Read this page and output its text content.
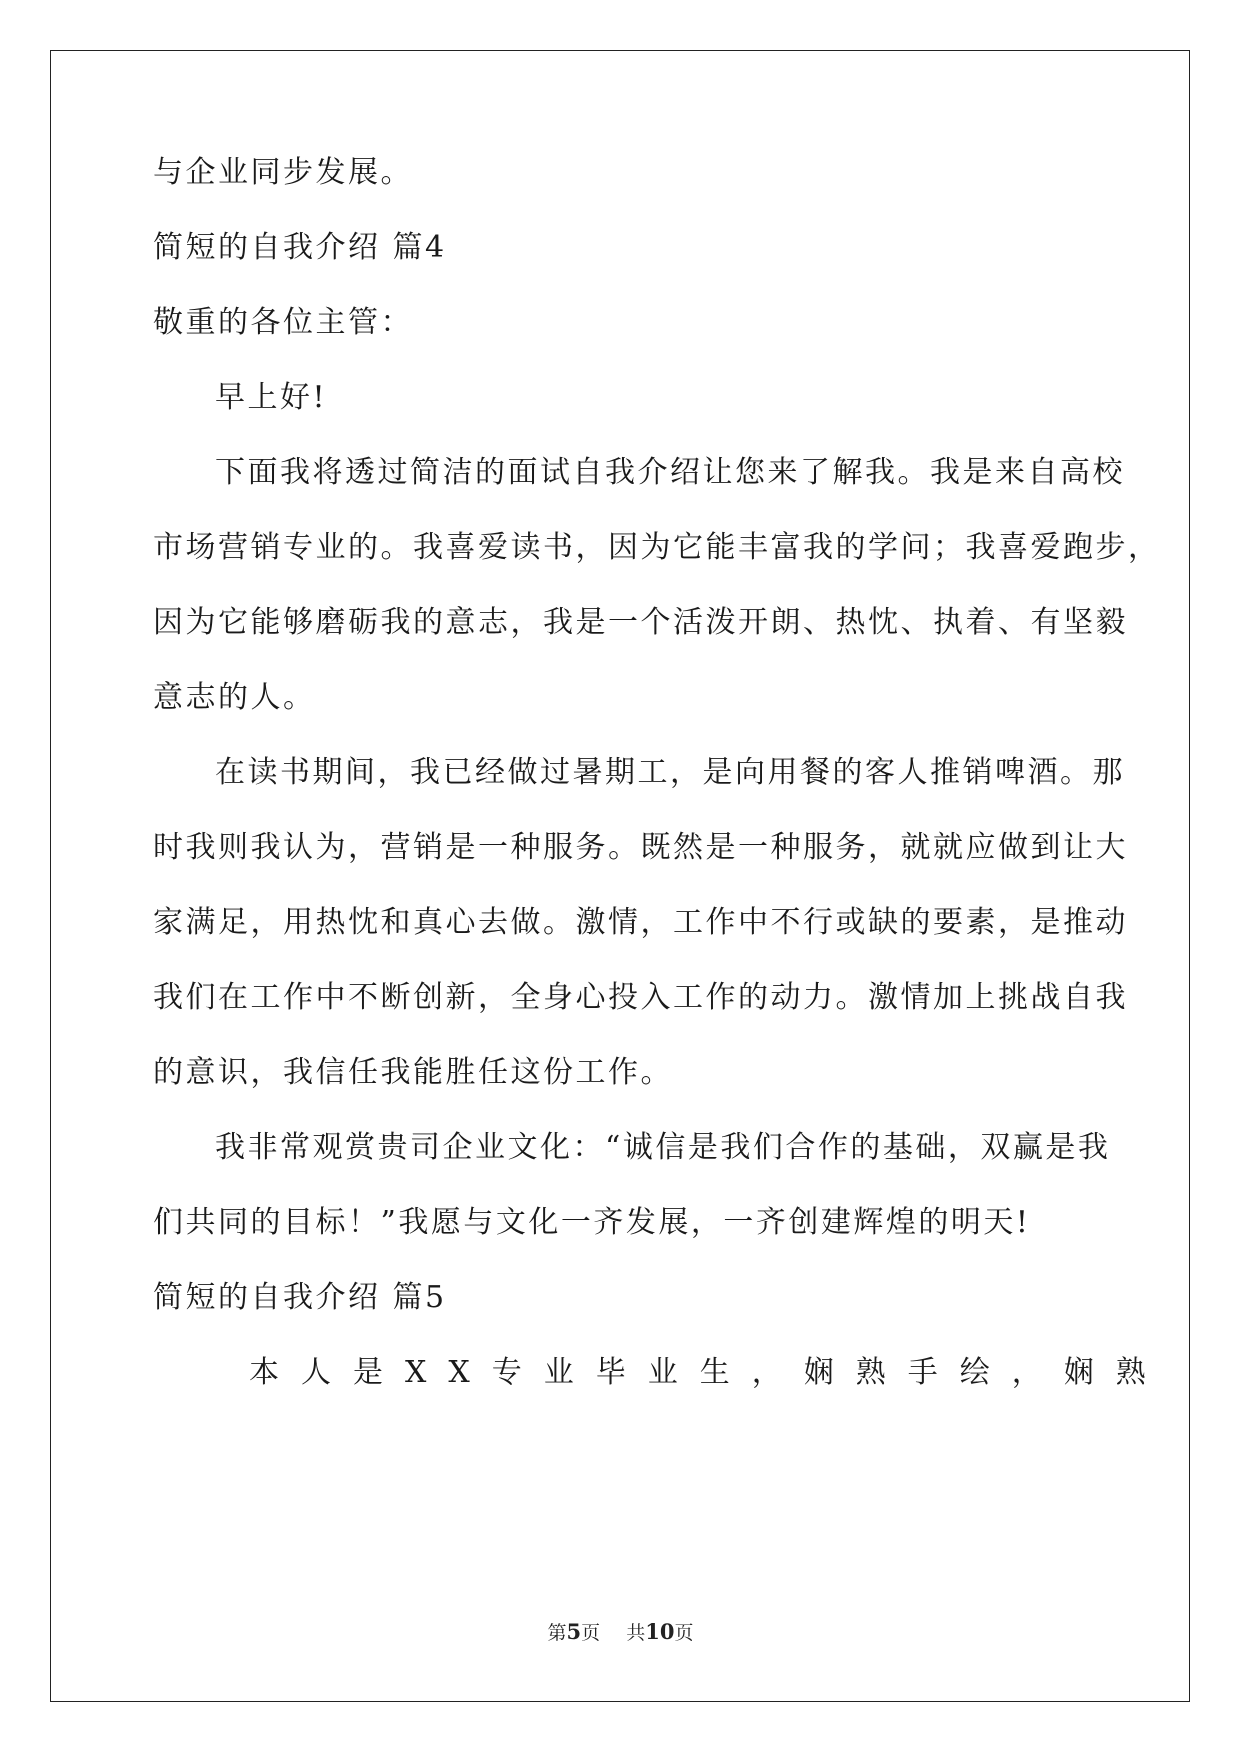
与企业同步发展。
简短的自我介绍 篇4
敬重的各位主管：
早上好!
下面我将透过简洁的面试自我介绍让您来了解我。我是来自高校
市场营销专业的。我喜爱读书，因为它能丰富我的学问；我喜爱跑步，
因为它能够磨砺我的意志，我是一个活泼开朗、热忱、执着、有坚毅
意志的人。
在读书期间，我已经做过暑期工，是向用餐的客人推销啤酒。那
时我则我认为，营销是一种服务。既然是一种服务，就就应做到让大
家满足，用热忱和真心去做。激情，工作中不行或缺的要素，是推动
我们在工作中不断创新，全身心投入工作的动力。激情加上挑战自我
的意识，我信任我能胜任这份工作。
我非常观赏贵司企业文化：“诚信是我们合作的基础，双赢是我
们共同的目标！”我愿与文化一齐发展，一齐创建辉煌的明天!
简短的自我介绍 篇5
本人是XX专业毕业生，娴熟手绘，娴熟
第5页 共10页
